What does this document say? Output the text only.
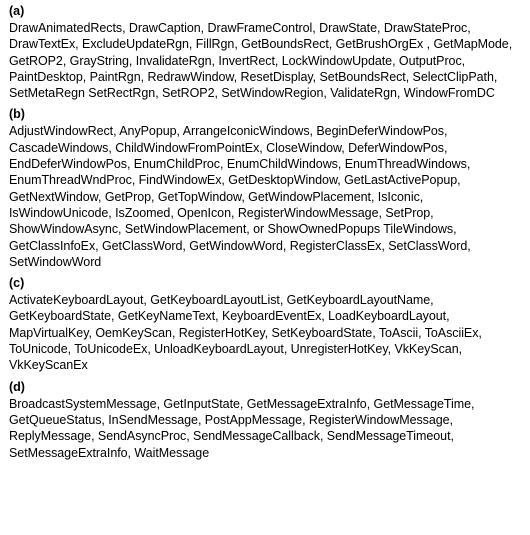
(a)
DrawAnimatedRects, DrawCaption, DrawFrameControl, DrawState, DrawStateProc, DrawTextEx, ExcludeUpdateRgn, FillRgn, GetBoundsRect, GetBrushOrgEx , GetMapMode, GetROP2, GrayString, InvalidateRgn, InvertRect, LockWindowUpdate, OutputProc, PaintDesktop, PaintRgn, RedrawWindow, ResetDisplay, SetBoundsRect, SelectClipPath, SetMetaRegn SetRectRgn, SetROP2, SetWindowRegion, ValidateRgn, WindowFromDC
(b)
AdjustWindowRect, AnyPopup, ArrangeIconicWindows, BeginDeferWindowPos, CascadeWindows, ChildWindowFromPointEx, CloseWindow, DeferWindowPos, EndDeferWindowPos, EnumChildProc, EnumChildWindows, EnumThreadWindows, EnumThreadWndProc, FindWindowEx, GetDesktopWindow, GetLastActivePopup, GetNextWindow, GetProp, GetTopWindow, GetWindowPlacement, IsIconic, IsWindowUnicode, IsZoomed, OpenIcon, RegisterWindowMessage, SetProp, ShowWindowAsync, SetWindowPlacement, or ShowOwnedPopups TileWindows, GetClassInfoEx, GetClassWord, GetWindowWord, RegisterClassEx, SetClassWord, SetWindowWord
(c)
ActivateKeyboardLayout, GetKeyboardLayoutList, GetKeyboardLayoutName, GetKeyboardState, GetKeyNameText, KeyboardEventEx, LoadKeyboardLayout, MapVirtualKey, OemKeyScan, RegisterHotKey, SetKeyboardState, ToAscii, ToAsciiEx, ToUnicode, ToUnicodeEx, UnloadKeyboardLayout, UnregisterHotKey, VkKeyScan, VkKeyScanEx
(d)
BroadcastSystemMessage, GetInputState, GetMessageExtraInfo, GetMessageTime, GetQueueStatus, InSendMessage, PostAppMessage, RegisterWindowMessage, ReplyMessage, SendAsyncProc, SendMessageCallback, SendMessageTimeout, SetMessageExtraInfo, WaitMessage
